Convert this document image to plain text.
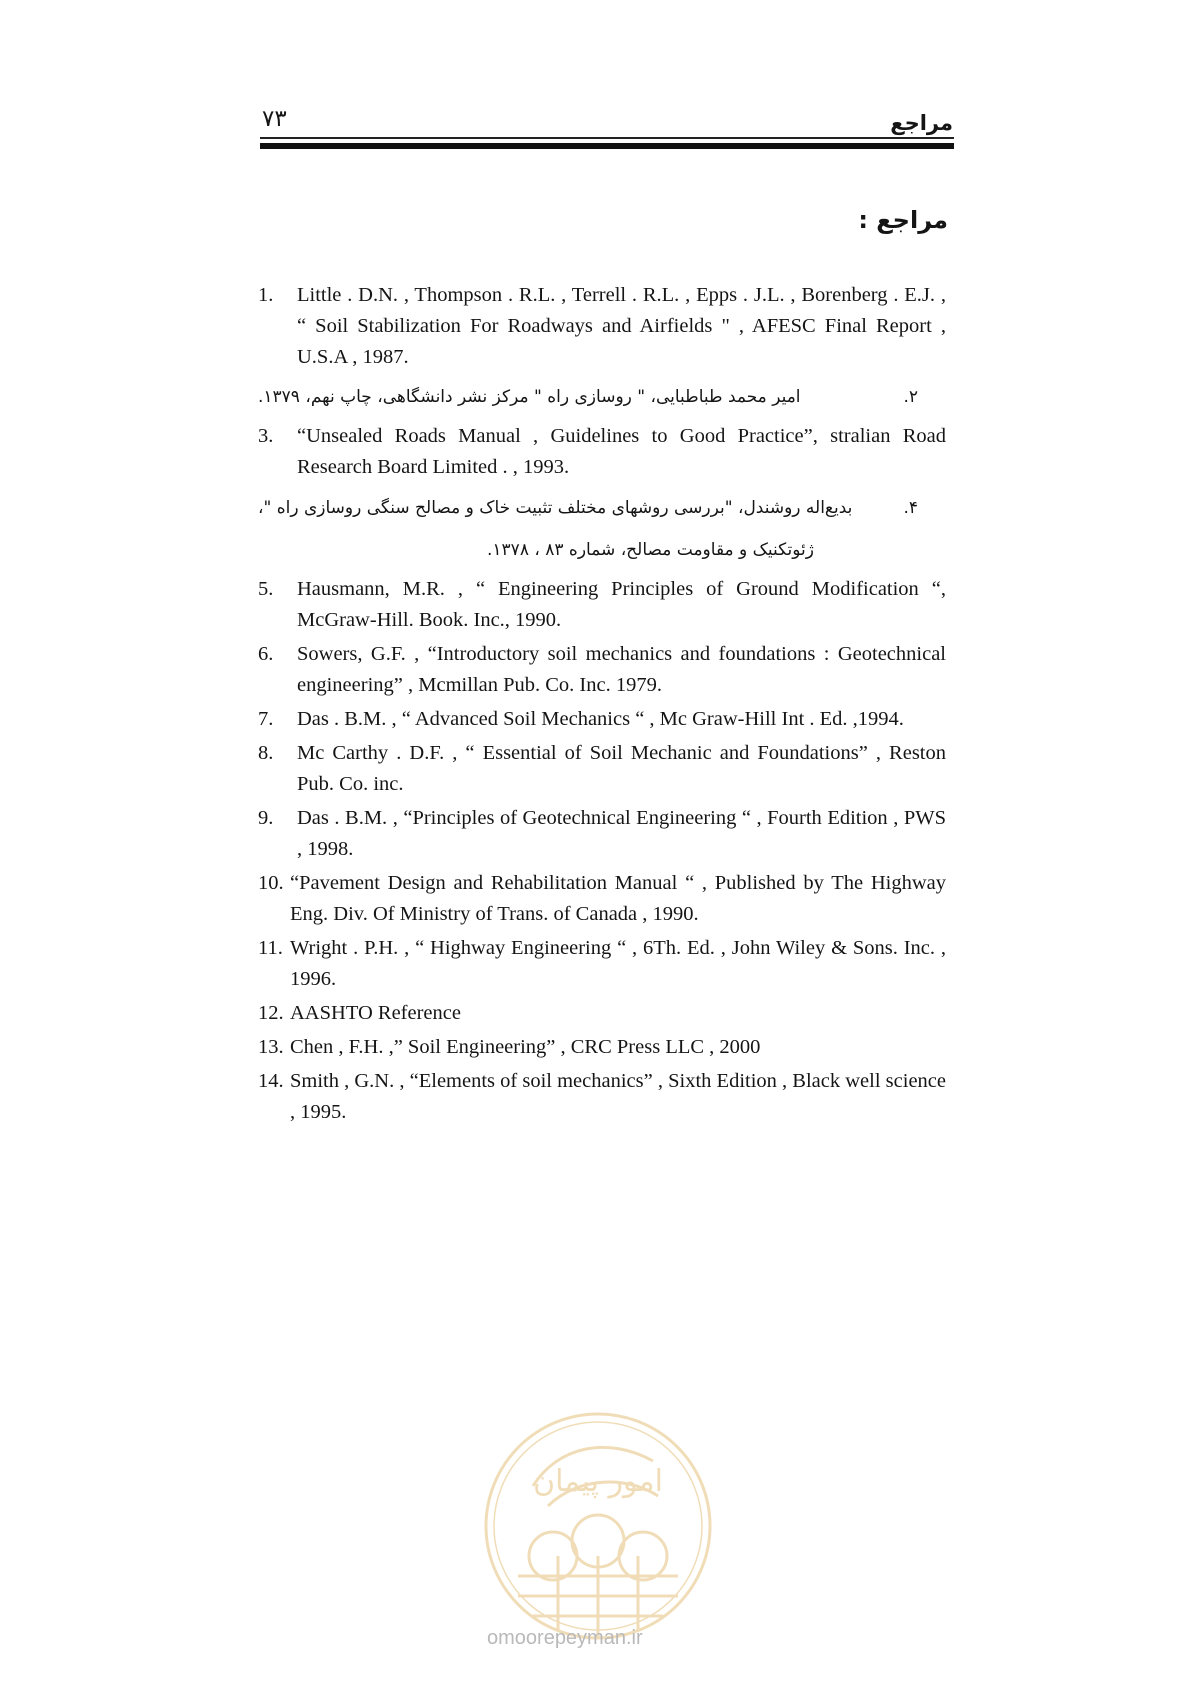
۷۳	مراجع
مراجع :
1.	Little . D.N. , Thompson . R.L. , Terrell . R.L. , Epps . J.L. , Borenberg . E.J. , “ Soil Stabilization For Roadways and Airfields " , AFESC Final Report , U.S.A , 1987.
۲.
امیر محمد طباطبایی، " روسازی راه " مرکز نشر دانشگاهی، چاپ نهم، ۱۳۷۹.
3.	“Unsealed Roads Manual , Guidelines to Good Practice”, stralian Road Research Board Limited . , 1993.
۴.
بدیع‌اله روشندل، "بررسی روشهای مختلف تثبیت خاک و مصالح سنگی روسازی راه "،
ژئوتکنیک و مقاومت مصالح، شماره ۸۳ ، ۱۳۷۸.
5.	Hausmann, M.R. , “ Engineering Principles of Ground Modification “, McGraw-Hill. Book. Inc., 1990.
6.	Sowers, G.F. , “Introductory soil mechanics and foundations : Geotechnical engineering” , Mcmillan Pub. Co. Inc. 1979.
7.	Das . B.M. , “ Advanced Soil Mechanics “ , Mc Graw-Hill Int . Ed. ,1994.
8.	Mc Carthy . D.F. , “ Essential of Soil Mechanic and Foundations” , Reston Pub. Co. inc.
9.	Das . B.M. , “Principles of Geotechnical Engineering “ , Fourth Edition , PWS , 1998.
10. “Pavement Design and Rehabilitation Manual “ , Published by The Highway Eng. Div. Of Ministry of Trans. of Canada , 1990.
11. Wright . P.H. , “ Highway Engineering “ , 6Th. Ed. , John Wiley & Sons. Inc. , 1996.
12. AASHTO Reference
13. Chen , F.H. ,” Soil Engineering” , CRC Press LLC , 2000
14. Smith , G.N. , “Elements of soil mechanics” , Sixth Edition , Black well science , 1995.
امور پیمان
omoorepeyman.ir
